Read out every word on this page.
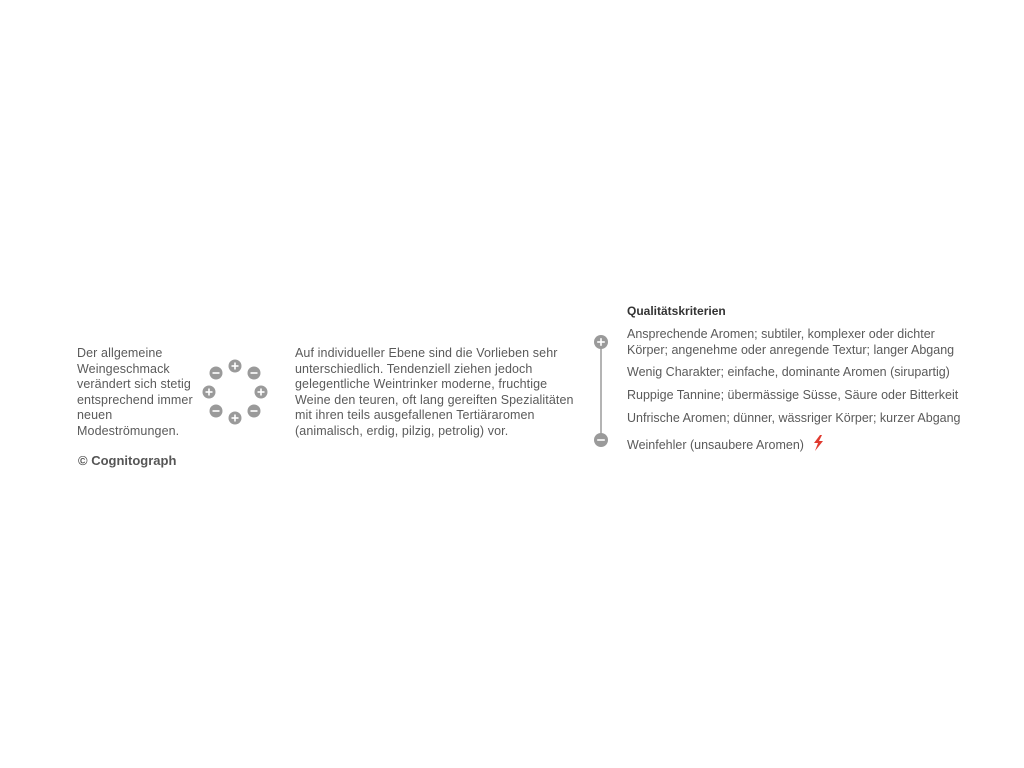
Der allgemeine Weingeschmack verändert sich stetig entsprechend immer neuen Modeströmungen.
© Cognitograph
Auf individueller Ebene sind die Vorlieben sehr unterschiedlich. Tendenziell ziehen jedoch gelegentliche Weintrinker moderne, fruchtige Weine den teuren, oft lang gereiften Spezialitäten mit ihren teils ausgefallenen Tertiäraromen (animalisch, erdig, pilzig, petrolig) vor.
Qualitätskriterien
Ansprechende Aromen; subtiler, komplexer oder dichter Körper; angenehme oder anregende Textur; langer Abgang
Wenig Charakter; einfache, dominante Aromen (sirupartig)
Ruppige Tannine; übermässige Süsse, Säure oder Bitterkeit
Unfrische Aromen; dünner, wässriger Körper; kurzer Abgang
Weinfehler (unsaubere Aromen)
